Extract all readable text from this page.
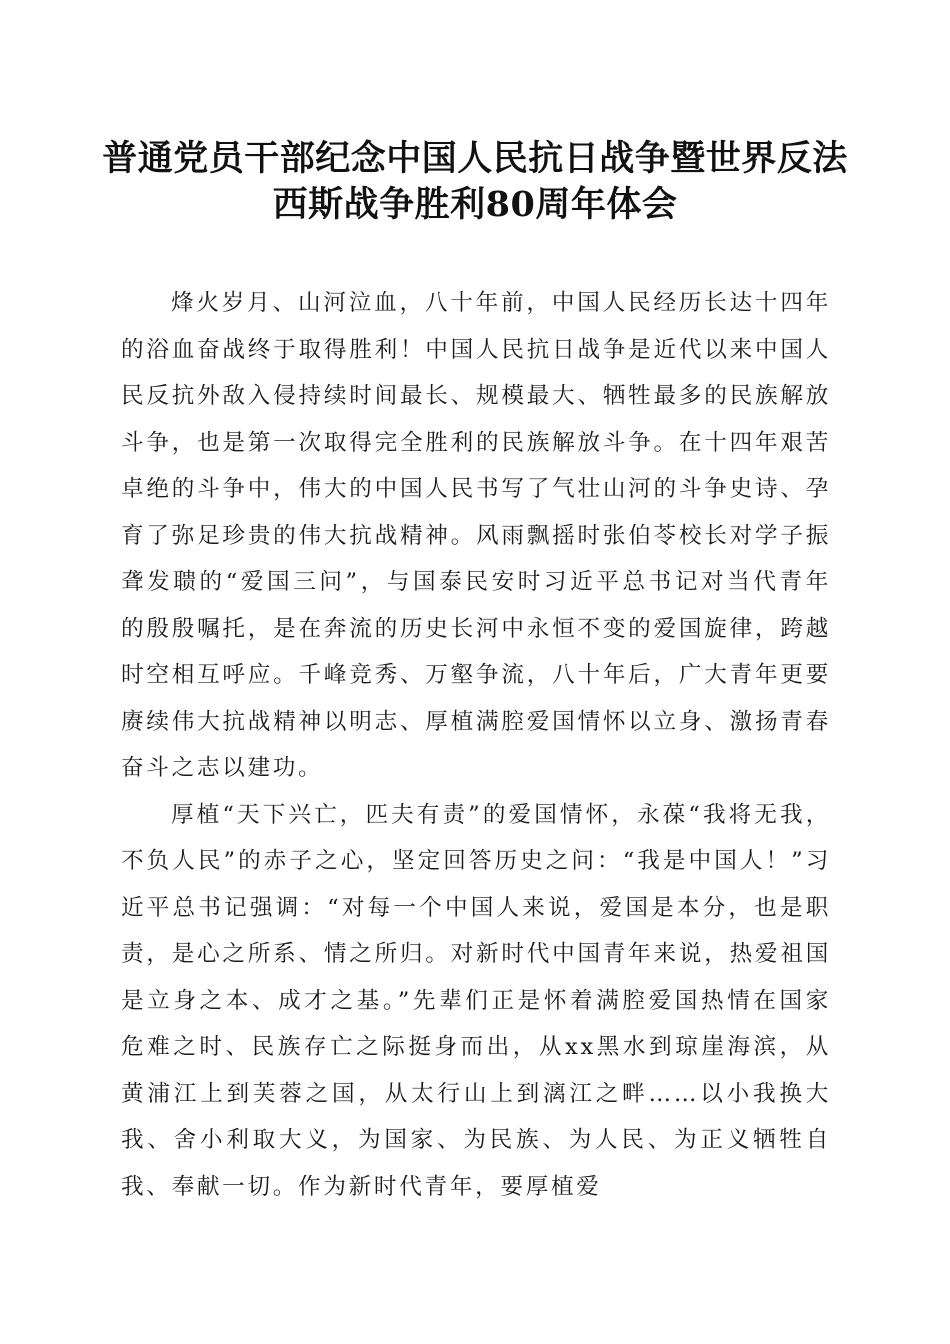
普通党员干部纪念中国人民抗日战争暨世界反法西斯战争胜利80周年体会

烽火岁月、山河泣血，八十年前，中国人民经历长达十四年的浴血奋战终于取得胜利！中国人民抗日战争是近代以来中国人民反抗外敌入侵持续时间最长、规模最大、牺牲最多的民族解放斗争，也是第一次取得完全胜利的民族解放斗争。在十四年艰苦卓绝的斗争中，伟大的中国人民书写了气壮山河的斗争史诗、孕育了弥足珍贵的伟大抗战精神。风雨飘摇时张伯苓校长对学子振聋发聩的“爱国三问”，与国泰民安时习近平总书记对当代青年的殷殷嘱托，是在奔流的历史长河中永恒不变的爱国旋律，跨越时空相互呼应。千峰竞秀、万壑争流，八十年后，广大青年更要赓续伟大抗战精神以明志、厚植满腔爱国情怀以立身、激扬青春奋斗之志以建功。

厚植“天下兴亡，匹夫有责”的爱国情怀，永葆“我将无我，不负人民”的赤子之心，坚定回答历史之问：“我是中国人！”习近平总书记强调：“对每一个中国人来说，爱国是本分，也是职责，是心之所系、情之所归。对新时代中国青年来说，热爱祖国是立身之本、成才之基。”先辈们正是怀着满腔爱国热情在国家危难之时、民族存亡之际挺身而出，从xx黑水到琼崖海滨，从黄浦江上到芙蓉之国，从太行山上到漓江之畔……以小我换大我、舍小利取大义，为国家、为民族、为人民、为正义牺牲自我、奉献一切。作为新时代青年，要厚植爱
